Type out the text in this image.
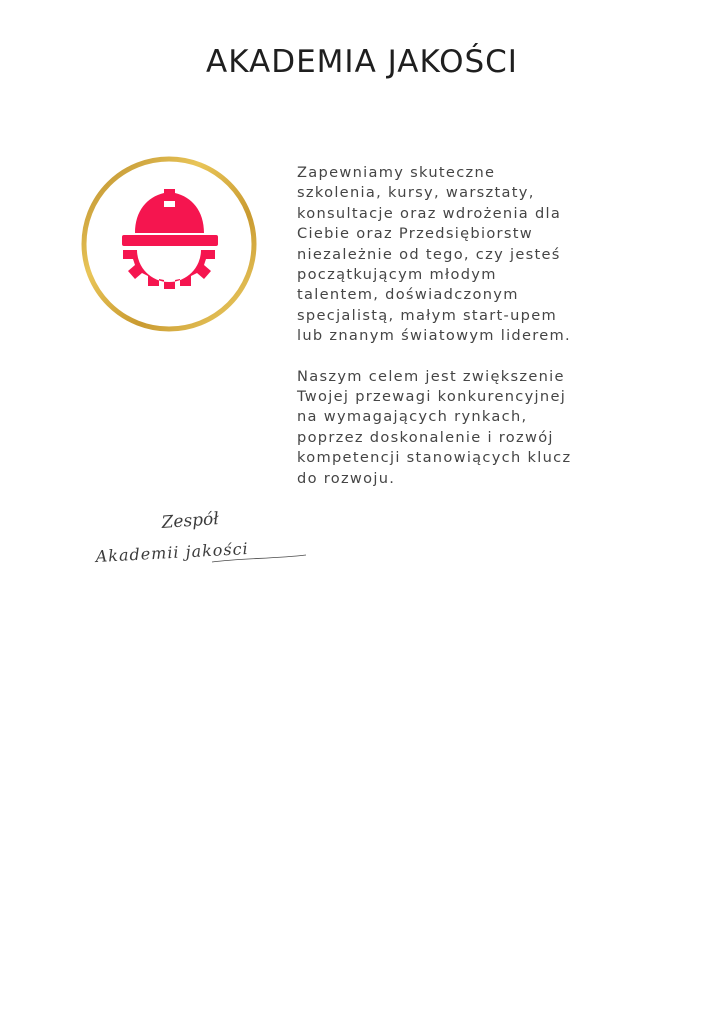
AKADEMIA JAKOŚCI

Zapewniamy skuteczne
szkolenia, kursy, warsztaty,
konsultacje oraz wdrożenia dla
Ciebie oraz Przedsiębiorstw
niezależnie od tego, czy jesteś
początkującym młodym
talentem, doświadczonym
specjalistą, małym start-upem
lub znanym światowym liderem.

Naszym celem jest zwiększenie
Twojej przewagi konkurencyjnej
na wymagających rynkach,
poprzez doskonalenie i rozwój
kompetencji stanowiących klucz
do rozwoju.

Zespół
Akademii jakości
